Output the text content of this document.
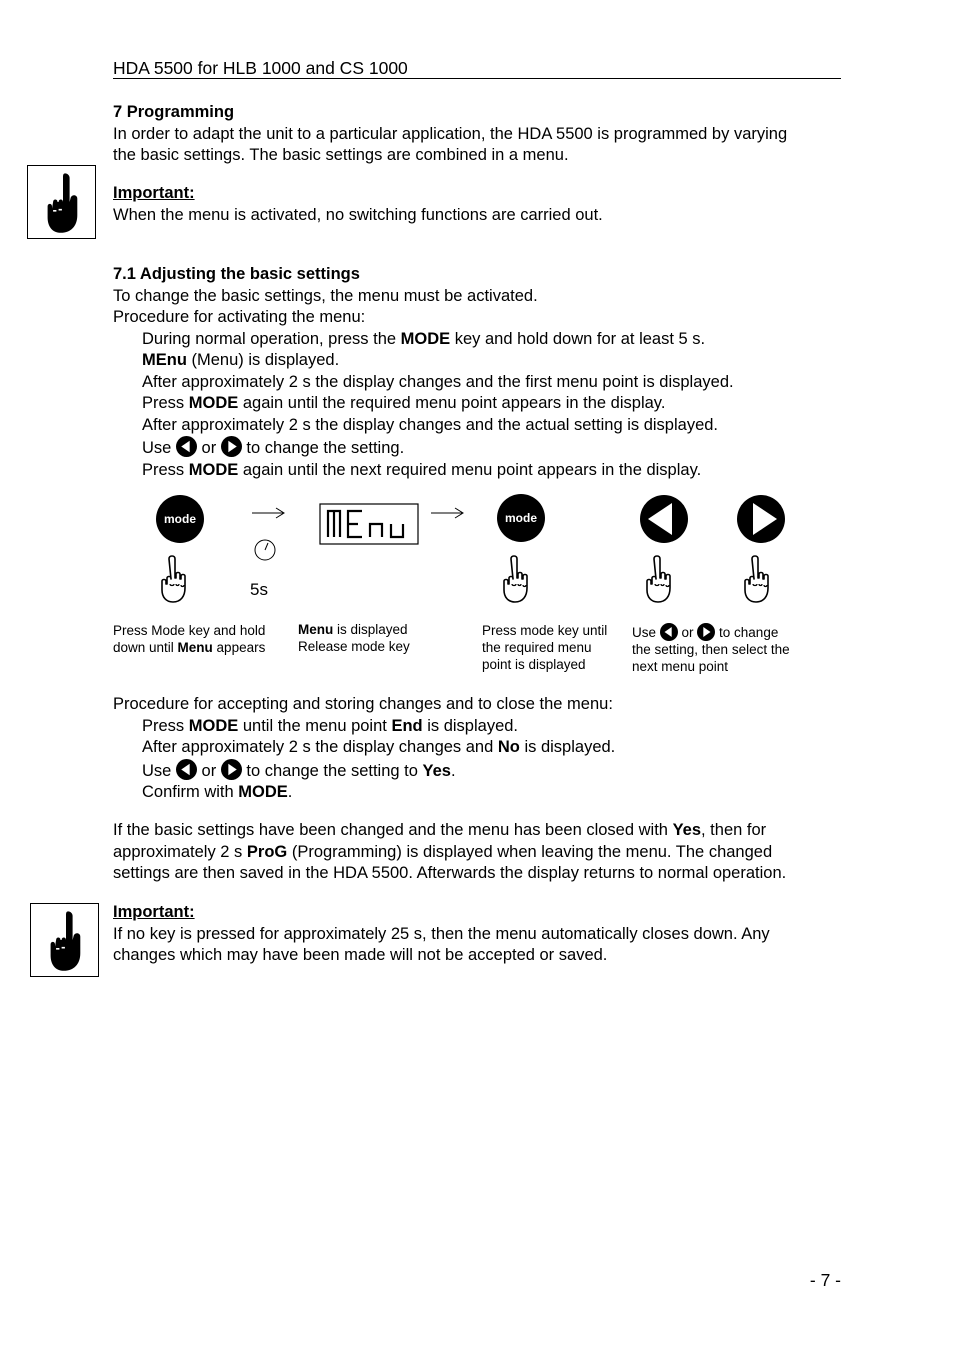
HDA 5500 for HLB 1000 and CS 1000
7 Programming
In order to adapt the unit to a particular application, the HDA 5500 is programmed by varying
the basic settings. The basic settings are combined in a menu.
Important:
When the menu is activated, no switching functions are carried out.
7.1 Adjusting the basic settings
To change the basic settings, the menu must be activated.
Procedure for activating the menu:
During normal operation, press the MODE key and hold down for at least 5 s.
MEnu (Menu) is displayed.
After approximately 2 s the display changes and the first menu point is displayed.
Press MODE again until the required menu point appears in the display.
After approximately 2 s the display changes and the actual setting is displayed.
Use  or  to change the setting.
Press MODE again until the next required menu point appears in the display.
mode
5s
mode
Press Mode key and hold
down until Menu appears
Menu is displayed
Release mode key
Press mode key until
the required menu
point is displayed
Use  or  to change
the setting, then select the
next menu point
Procedure for accepting and storing changes and to close the menu:
Press MODE until the menu point End is displayed.
After approximately 2 s the display changes and No is displayed.
Use  or  to change the setting to Yes.
Confirm with MODE.
If the basic settings have been changed and the menu has been closed with Yes, then for
approximately 2 s ProG (Programming) is displayed when leaving the menu. The changed
settings are then saved in the HDA 5500. Afterwards the display returns to normal operation.
Important:
If no key is pressed for approximately 25 s, then the menu automatically closes down. Any
changes which may have been made will not be accepted or saved.
- 7 -
